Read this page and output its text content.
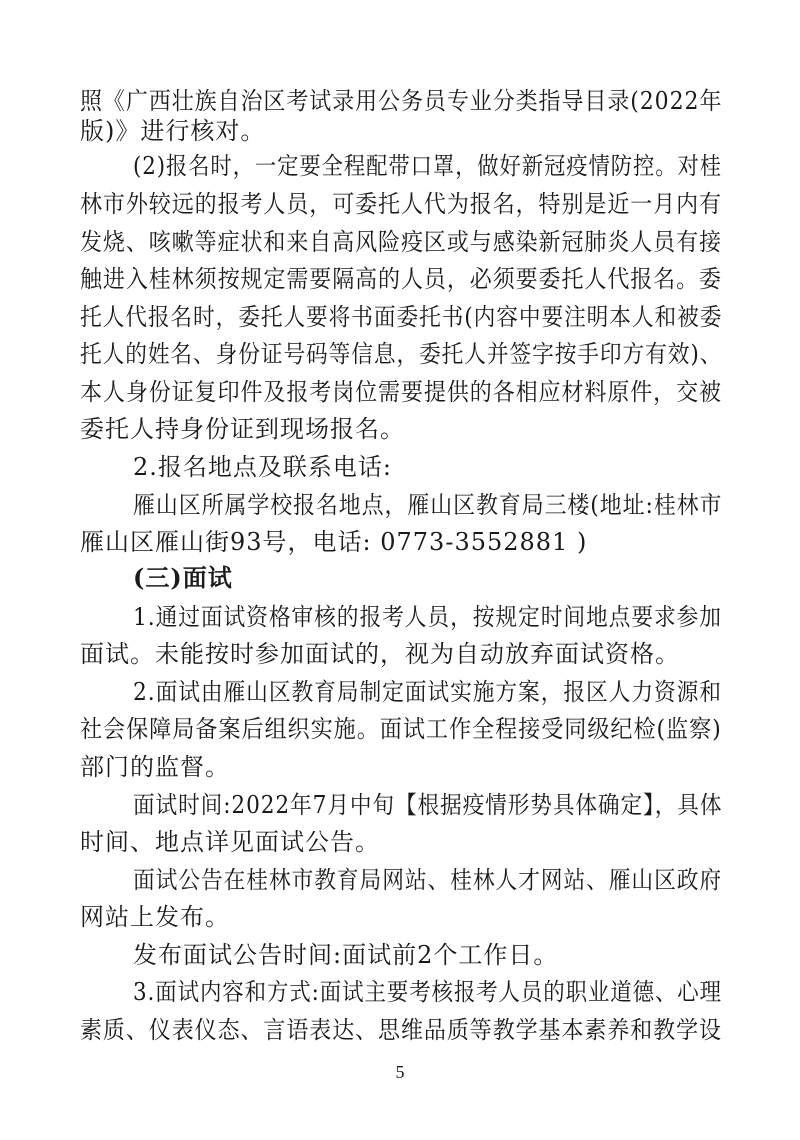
照《广西壮族自治区考试录用公务员专业分类指导目录(2022年
版)》进行核对。
(2)报名时，一定要全程配带口罩，做好新冠疫情防控。对桂
林市外较远的报考人员，可委托人代为报名，特别是近一月内有
发烧、咳嗽等症状和来自高风险疫区或与感染新冠肺炎人员有接
触进入桂林须按规定需要隔高的人员，必须要委托人代报名。委
托人代报名时，委托人要将书面委托书(内容中要注明本人和被委
托人的姓名、身份证号码等信息，委托人并签字按手印方有效)、
本人身份证复印件及报考岗位需要提供的各相应材料原件，交被
委托人持身份证到现场报名。
2.报名地点及联系电话:
雁山区所属学校报名地点，雁山区教育局三楼(地址:桂林市
雁山区雁山街93号，电话: 0773-3552881 )
(三)面试
1.通过面试资格审核的报考人员，按规定时间地点要求参加
面试。未能按时参加面试的，视为自动放弃面试资格。
2.面试由雁山区教育局制定面试实施方案，报区人力资源和
社会保障局备案后组织实施。面试工作全程接受同级纪检(监察)
部门的监督。
面试时间:2022年7月中旬【根据疫情形势具体确定】，具体
时间、地点详见面试公告。
面试公告在桂林市教育局网站、桂林人才网站、雁山区政府
网站上发布。
发布面试公告时间:面试前2个工作日。
3.面试内容和方式:面试主要考核报考人员的职业道德、心理
素质、仪表仪态、言语表达、思维品质等教学基本素养和教学设
5
